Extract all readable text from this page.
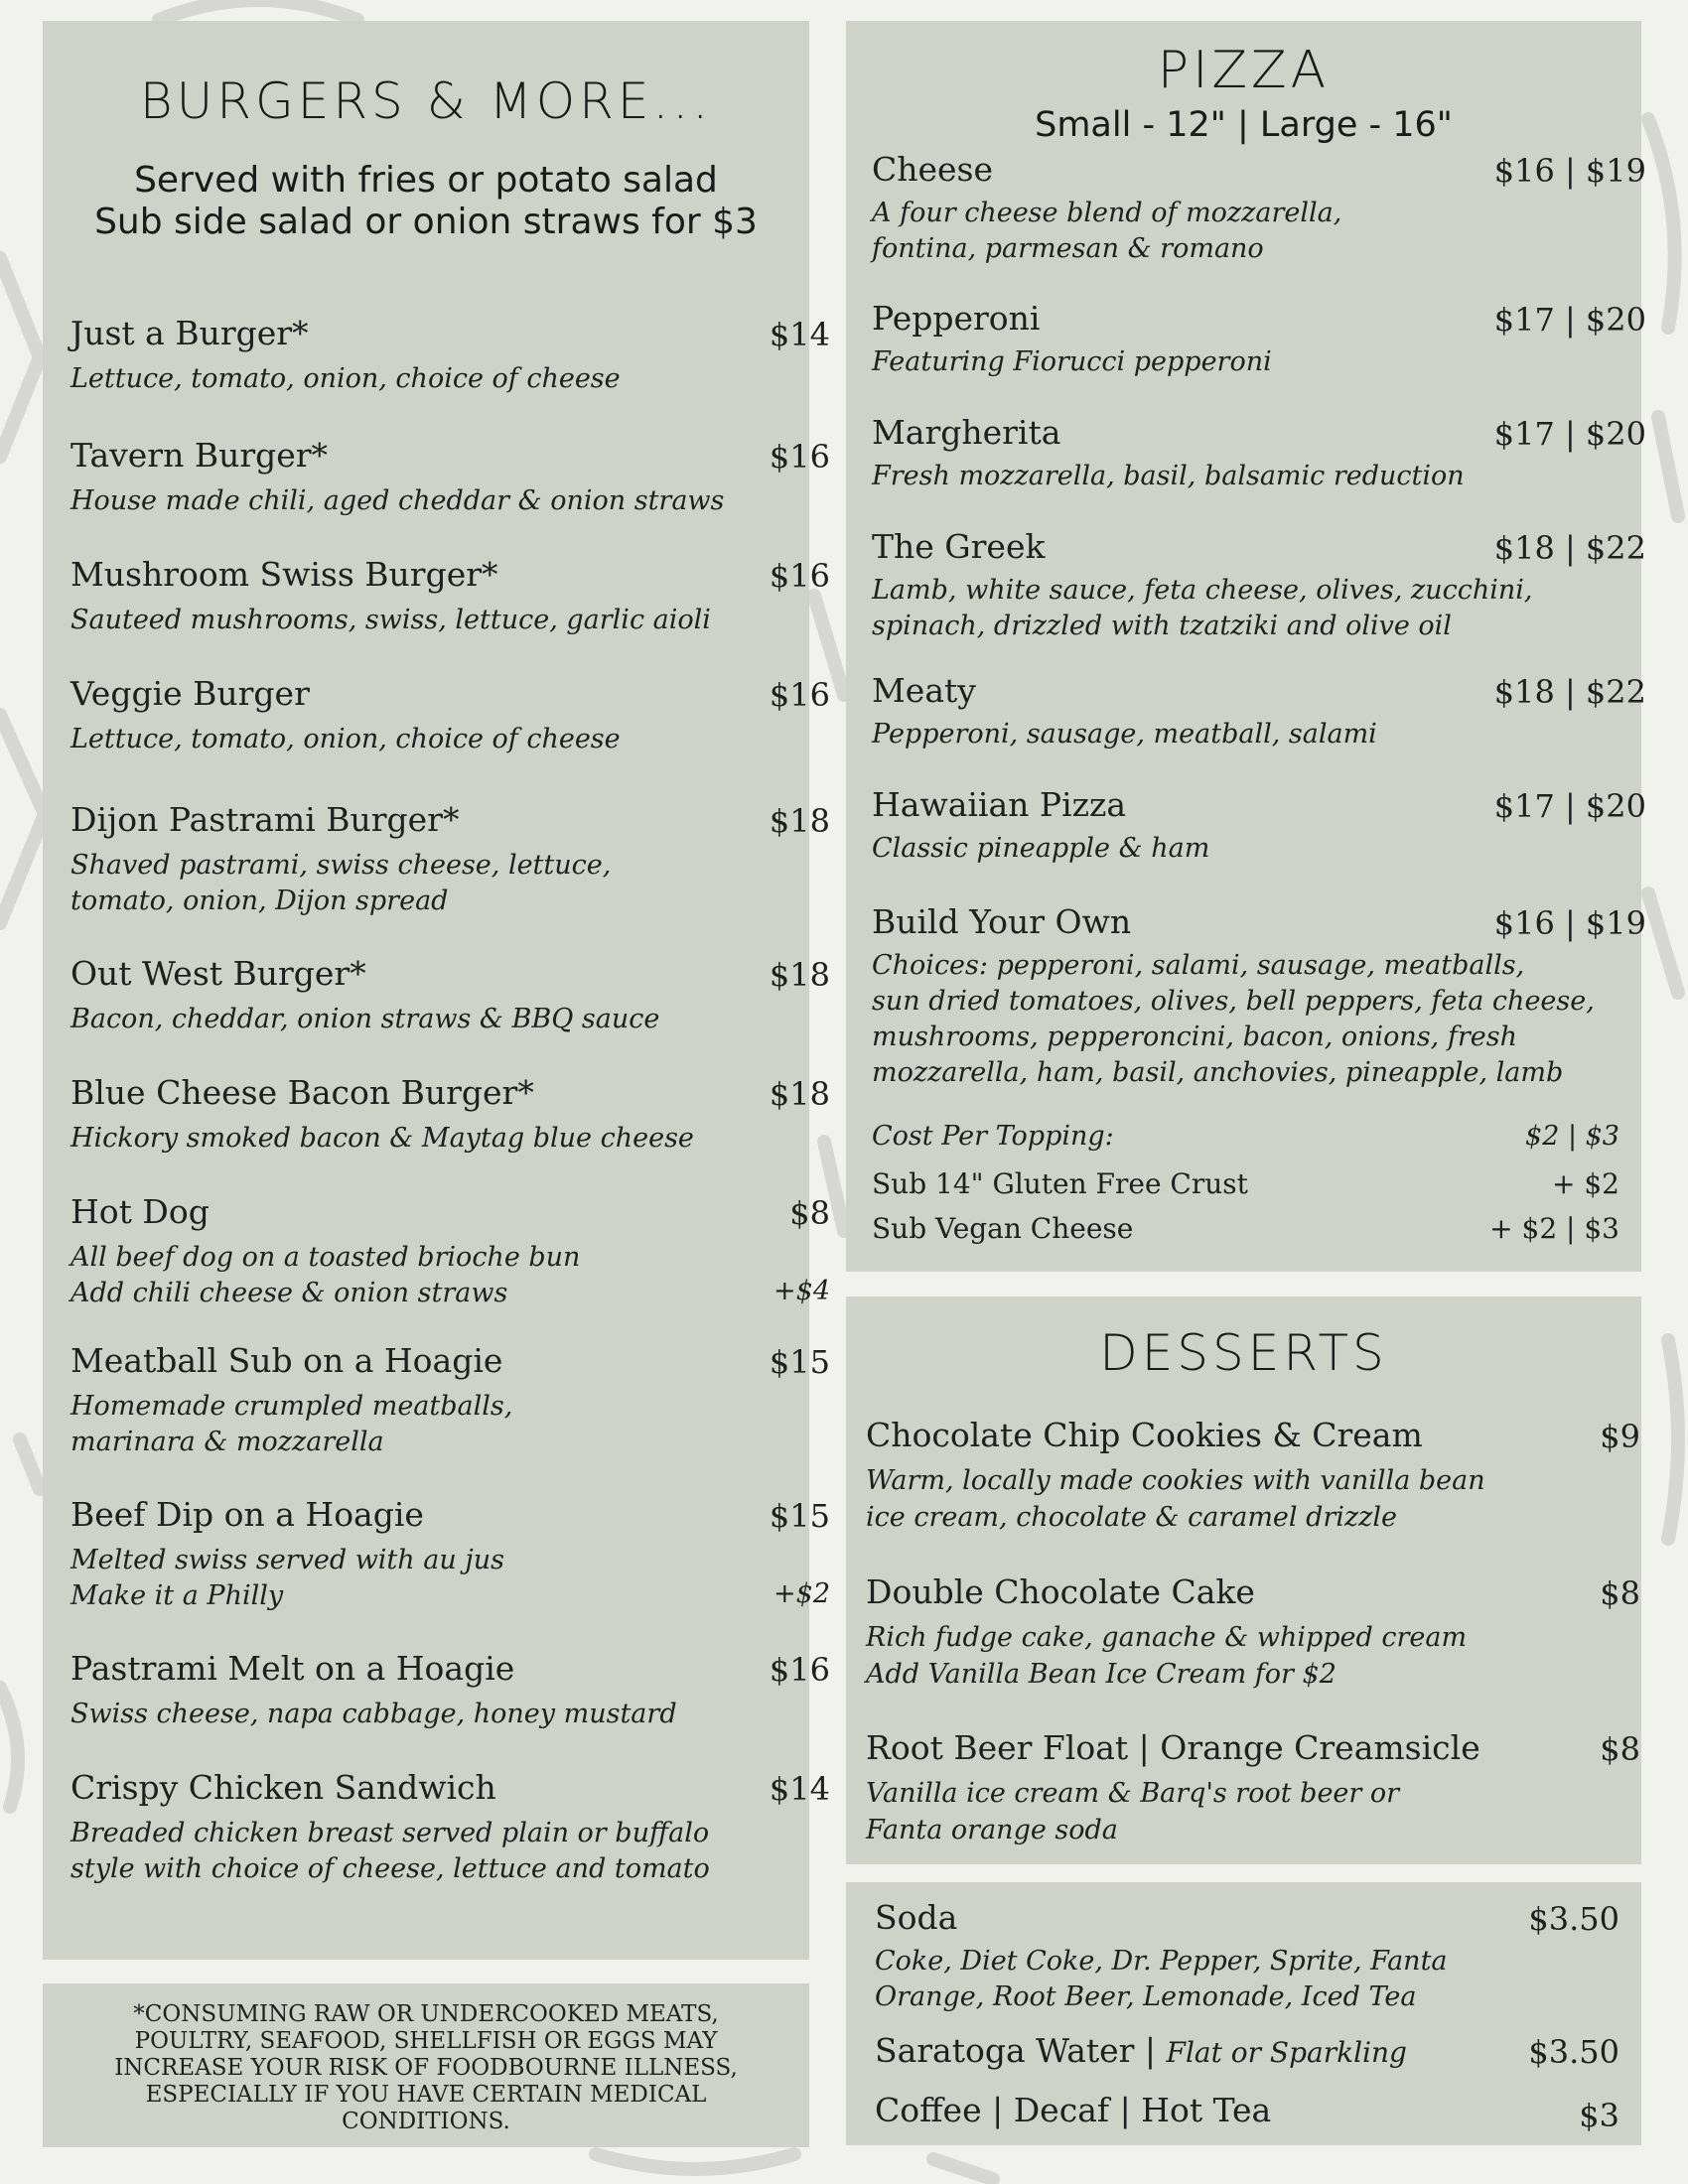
BURGERS & MORE...
Served with fries or potato salad
Sub side salad or onion straws for $3
Just a Burger*	$14
Lettuce, tomato, onion, choice of cheese
Tavern Burger*	$16
House made chili, aged cheddar & onion straws
Mushroom Swiss Burger*	$16
Sauteed mushrooms, swiss, lettuce, garlic aioli
Veggie Burger	$16
Lettuce, tomato, onion, choice of cheese
Dijon Pastrami Burger*	$18
Shaved pastrami, swiss cheese, lettuce,
tomato, onion, Dijon spread
Out West Burger*	$18
Bacon, cheddar, onion straws & BBQ sauce
Blue Cheese Bacon Burger*	$18
Hickory smoked bacon & Maytag blue cheese
Hot Dog	$8
All beef dog on a toasted brioche bun
Add chili cheese & onion straws	+$4
Meatball Sub on a Hoagie	$15
Homemade crumpled meatballs,
marinara & mozzarella
Beef Dip on a Hoagie	$15
Melted swiss served with au jus
Make it a Philly	+$2
Pastrami Melt on a Hoagie	$16
Swiss cheese, napa cabbage, honey mustard
Crispy Chicken Sandwich	$14
Breaded chicken breast served plain or buffalo
style with choice of cheese, lettuce and tomato
*CONSUMING RAW OR UNDERCOOKED MEATS, POULTRY, SEAFOOD, SHELLFISH OR EGGS MAY INCREASE YOUR RISK OF FOODBOURNE ILLNESS, ESPECIALLY IF YOU HAVE CERTAIN MEDICAL CONDITIONS.
PIZZA
Small - 12" | Large - 16"
Cheese	$16 | $19
A four cheese blend of mozzarella,
fontina, parmesan & romano
Pepperoni	$17 | $20
Featuring Fiorucci pepperoni
Margherita	$17 | $20
Fresh mozzarella, basil, balsamic reduction
The Greek	$18 | $22
Lamb, white sauce, feta cheese, olives, zucchini,
spinach, drizzled with tzatziki and olive oil
Meaty	$18 | $22
Pepperoni, sausage, meatball, salami
Hawaiian Pizza	$17 | $20
Classic pineapple & ham
Build Your Own	$16 | $19
Choices: pepperoni, salami, sausage, meatballs,
sun dried tomatoes, olives, bell peppers, feta cheese,
mushrooms, pepperoncini, bacon, onions, fresh
mozzarella, ham, basil, anchovies, pineapple, lamb
Cost Per Topping:	$2 | $3
Sub 14" Gluten Free Crust	+ $2
Sub Vegan Cheese	+ $2 | $3
DESSERTS
Chocolate Chip Cookies & Cream	$9
Warm, locally made cookies with vanilla bean
ice cream, chocolate & caramel drizzle
Double Chocolate Cake	$8
Rich fudge cake, ganache & whipped cream
Add Vanilla Bean Ice Cream for $2
Root Beer Float | Orange Creamsicle	$8
Vanilla ice cream & Barq's root beer or
Fanta orange soda
Soda	$3.50
Coke, Diet Coke, Dr. Pepper, Sprite, Fanta
Orange, Root Beer, Lemonade, Iced Tea
Saratoga Water | Flat or Sparkling	$3.50
Coffee | Decaf | Hot Tea	$3
